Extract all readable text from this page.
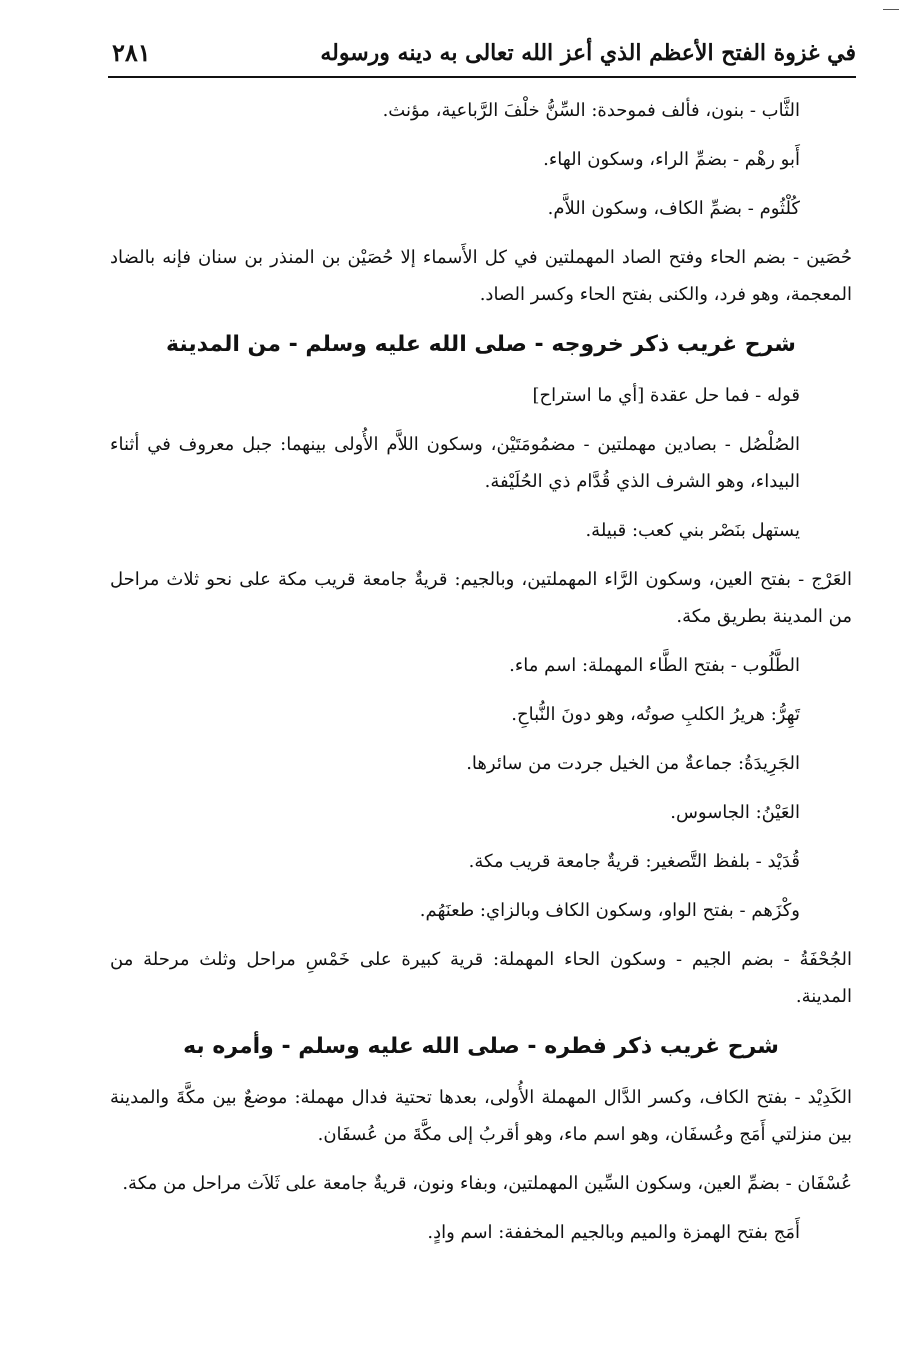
في غزوة الفتح الأعظم الذي أعز الله تعالى به دينه ورسوله
٢٨١

الثَّاب - بنون، فألف فموحدة: السِّنُّ خلْفَ الرَّباعية، مؤنث.

أَبو رهْم - بضمِّ الراء، وسكون الهاء.

كُلْثُوم - بضمِّ الكاف، وسكون اللاَّم.

حُصَين - بضم الحاء وفتح الصاد المهملتين في كل الأَسماء إلا حُصَيْن بن المنذر بن سنان فإنه بالضاد المعجمة، وهو فرد، والكنى بفتح الحاء وكسر الصاد.

شرح غريب ذكر خروجه - صلى الله عليه وسلم - من المدينة

قوله - فما حل عقدة [أي ما استراح]

الصُلْصُل - بصادين مهملتين - مضمُومَتَيْن، وسكون اللاَّم الأُولى بينهما: جبل معروف في أثناء البيداء، وهو الشرف الذي قُدَّام ذي الحُلَيْفة.

يستهل بنَصْر بني كعب: قبيلة.

العَرْج - بفتح العين، وسكون الرَّاء المهملتين، وبالجيم: قريةٌ جامعة قريب مكة على نحو ثلاث مراحل من المدينة بطريق مكة.

الطَّلُوب - بفتح الطَّاء المهملة: اسم ماء.

تَهِرُّ: هريرُ الكلبِ صوتُه، وهو دونَ النُّباحِ.

الجَرِيدَةُ: جماعةٌ من الخيل جردت من سائرها.

العَيْنُ: الجاسوس.

قُدَيْد - بلفظ التَّصغير: قريةٌ جامعة قريب مكة.

وكْزَهم - بفتح الواو، وسكون الكاف وبالزاي: طعنَهُم.

الجُحْفَةُ - بضم الجيم - وسكون الحاء المهملة: قرية كبيرة على خَمْسِ مراحل وثلث مرحلة من المدينة.

شرح غريب ذكر فطره - صلى الله عليه وسلم - وأمره به

الكَدِيْد - بفتح الكاف، وكسر الدَّال المهملة الأُولى، بعدها تحتية فدال مهملة: موضعٌ بين مكَّةَ والمدينة بين منزلتي أَمَج وعُسفَان، وهو اسم ماء، وهو أقربُ إلى مكَّةَ من عُسفَان.

عُسْفَان - بضمِّ العين، وسكون السِّين المهملتين، وبفاء ونون، قريةٌ جامعة على ثَلاَث مراحل من مكة.

أَمَج بفتح الهمزة والميم وبالجيم المخففة: اسم وادٍ.
